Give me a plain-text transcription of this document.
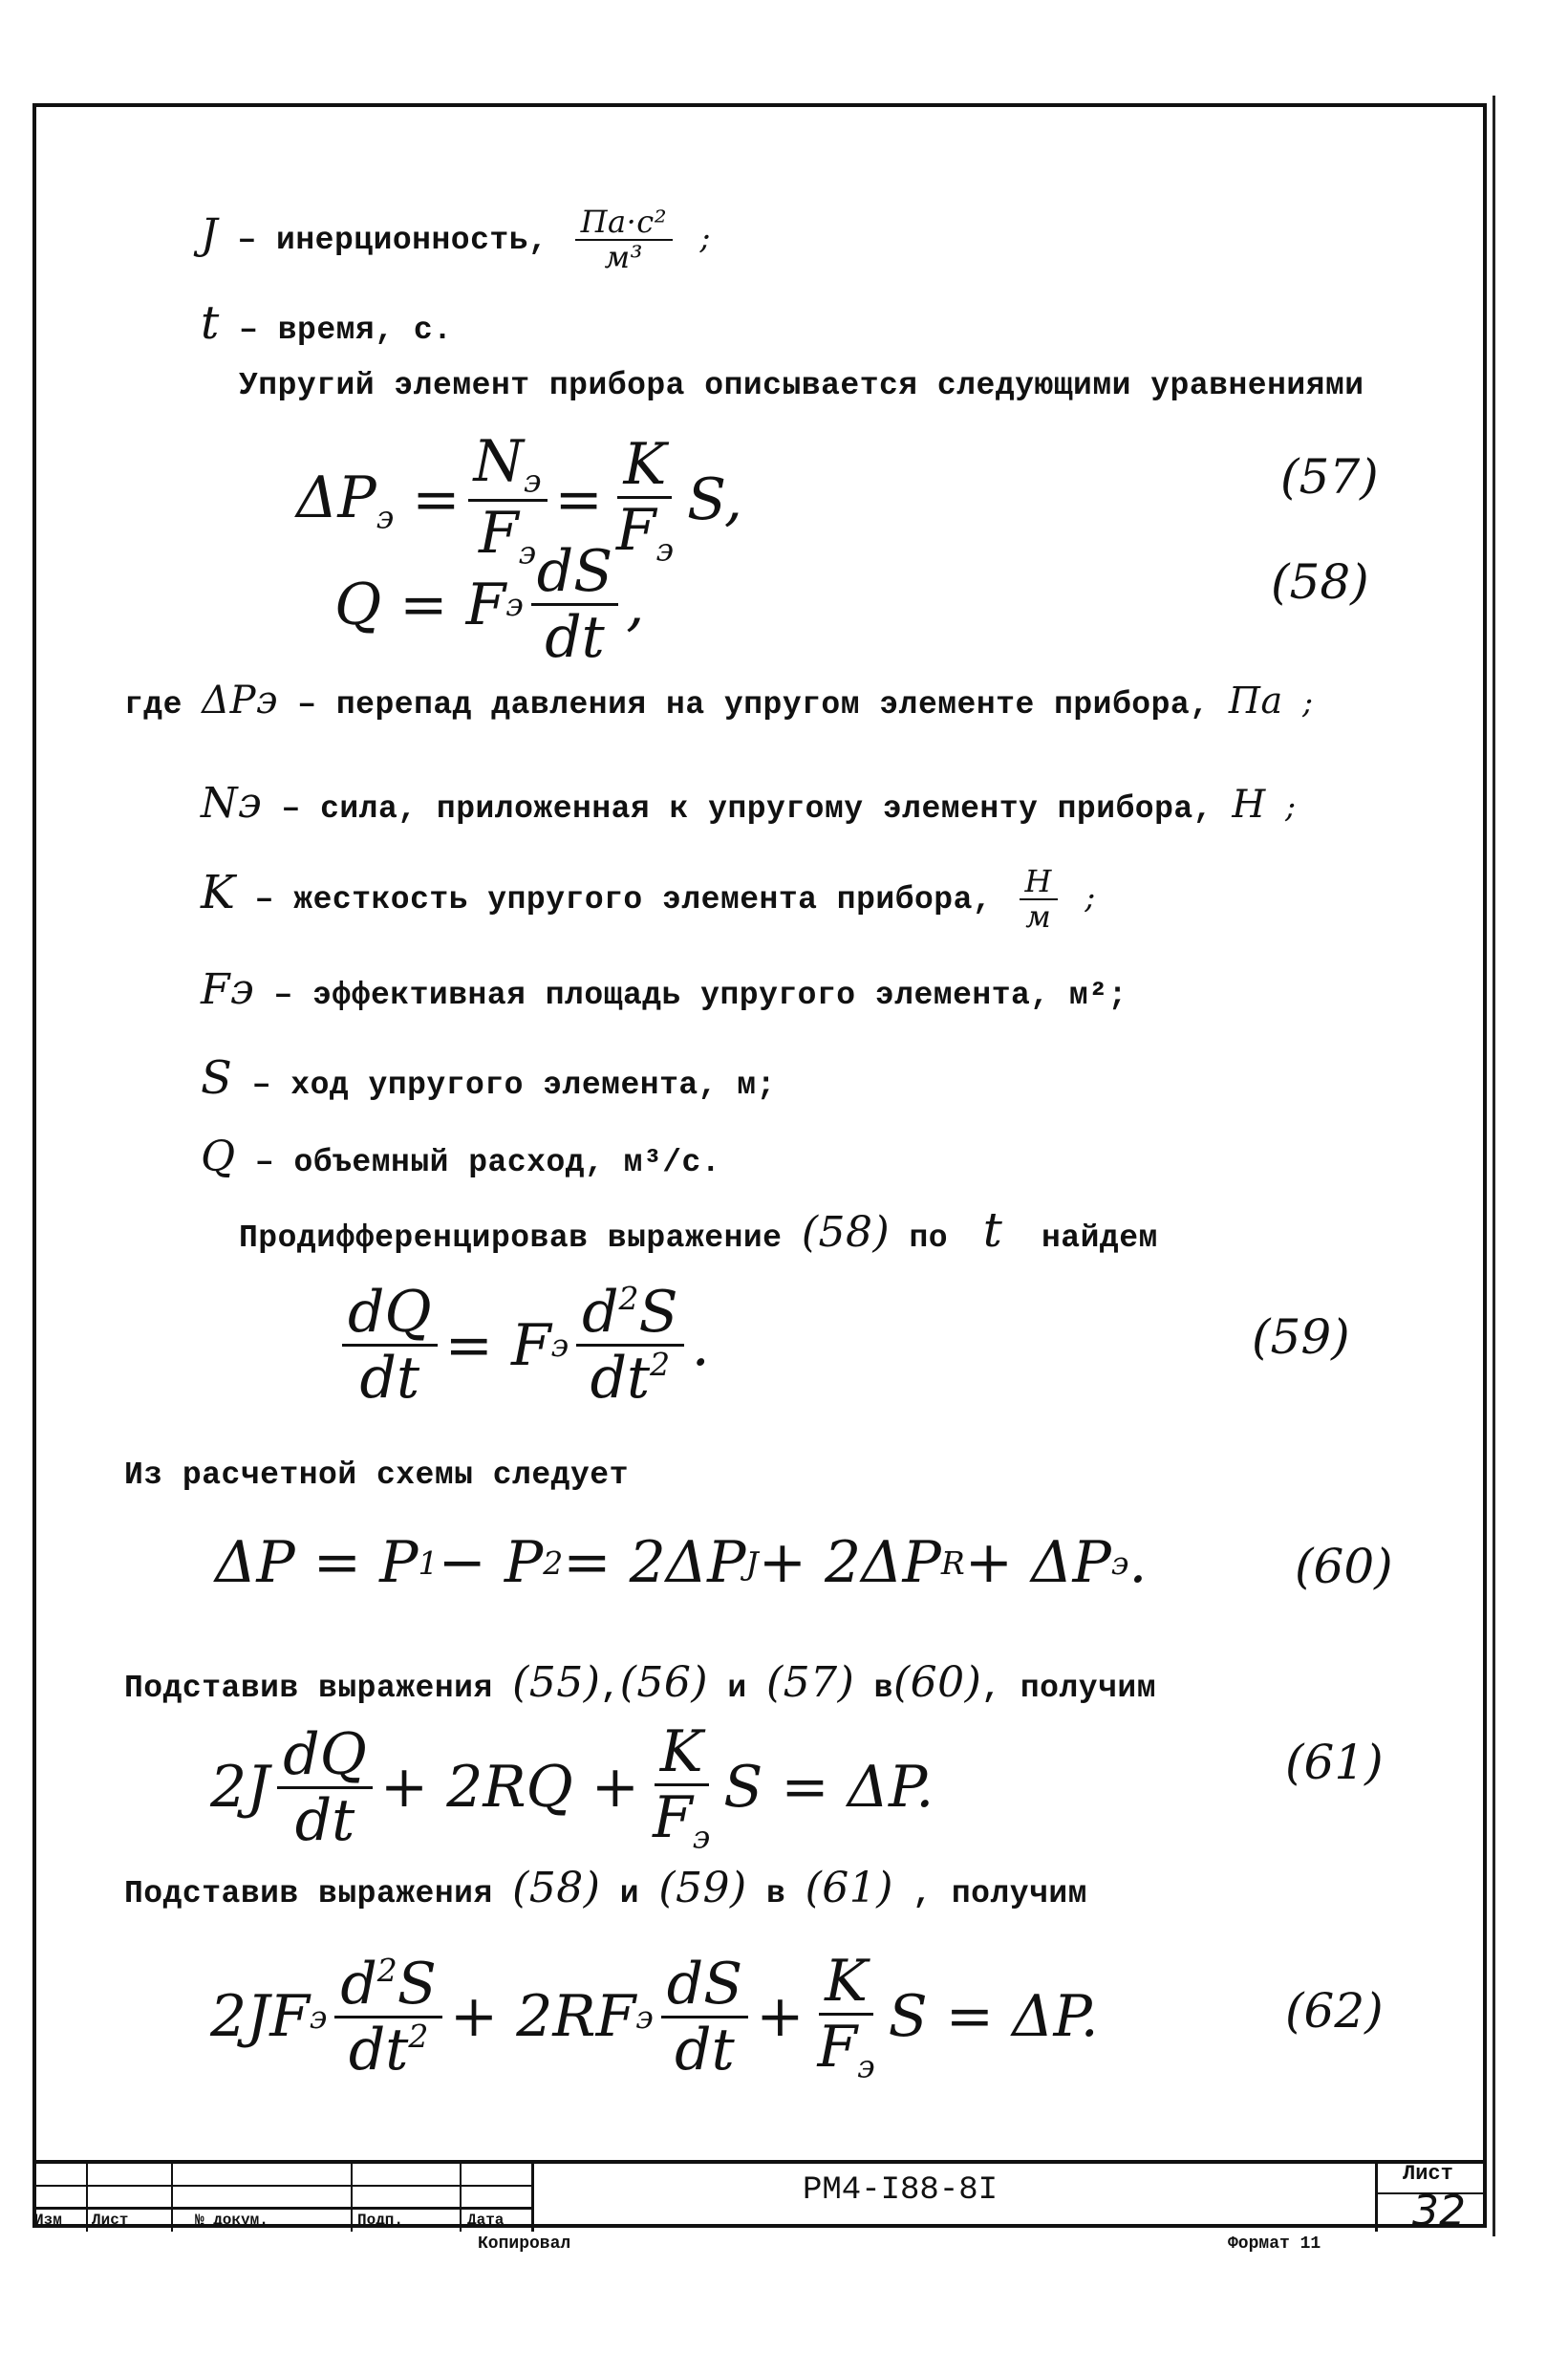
J – инерционность, $\frac{\text{Па·с²}}{\text{м³}}$ ;
t – время, с.
Упругий элемент прибора описывается следующими уравнениями
$\Delta P_э = \frac{N_э}{F_э} = \frac{K}{F_э} S$,	(57)
Q = F э $\frac{dS}{dt}$ ,	(58)
где ΔPэ – перепад давления на упругом элементе прибора, Па ;
Nэ – сила, приложенная к упругому элементу прибора, Н ;
K – жесткость упругого элемента прибора, $\frac{Н}{м}$ ;
Fэ – эффективная площадь упругого элемента, м²;
S – ход упругого элемента, м;
Q – объемный расход, м³/с.
Продифференцировав выражение (58) по t найдем
$\frac{dQ}{dt} = F$ э $\frac{d^2S}{dt^2}$ .	(59)
Из расчетной схемы следует
ΔP = P 1 − P 2 = 2ΔP J + 2ΔP R + ΔP э .	(60)
Подставив выражения (55),(56) и (57) в(60), получим
$2J \frac{dQ}{dt} + 2RQ + \frac{K}{F_э}$ S = ΔP.	(61)
Подставив выражения (58) и (59) в (61) , получим
2JF э $\frac{d^2S}{dt^2} + 2RF$ э $\frac{dS}{dt} + \frac{K}{F_э}$ S = ΔP.	(62)
Изм Лист	№ докум.	Подп.	Дата
РМ4-I88-8I	Лист
32
Копировал	Формат 11
